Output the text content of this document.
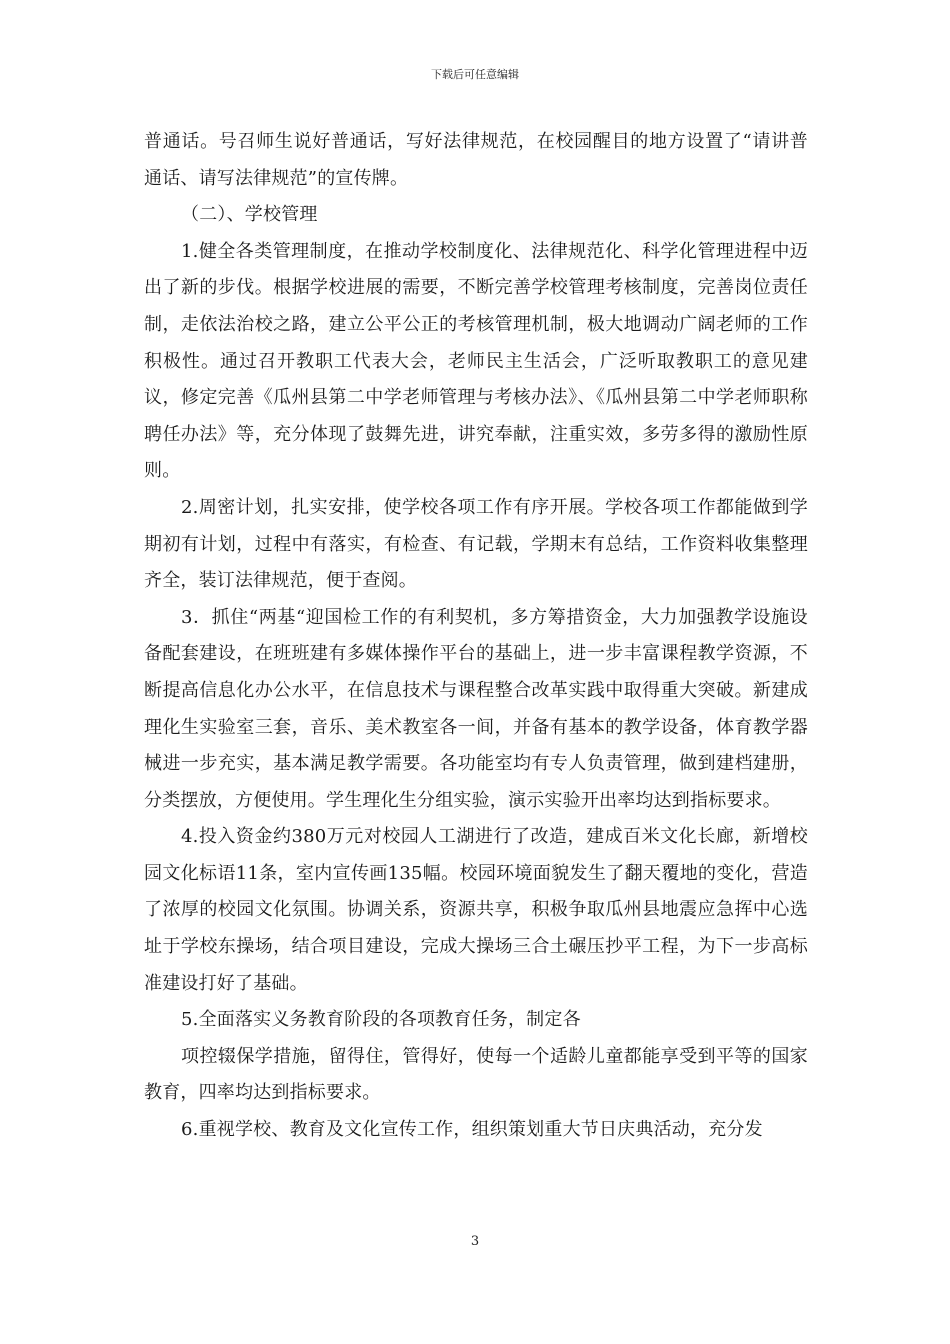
下载后可任意编辑

普通话。号召师生说好普通话，写好法律规范，在校园醒目的地方设置了“请讲普通话、请写法律规范”的宣传牌。

（二）、学校管理

1.健全各类管理制度，在推动学校制度化、法律规范化、科学化管理进程中迈出了新的步伐。根据学校进展的需要，不断完善学校管理考核制度，完善岗位责任制，走依法治校之路，建立公平公正的考核管理机制，极大地调动广阔老师的工作积极性。通过召开教职工代表大会，老师民主生活会，广泛听取教职工的意见建议，修定完善《瓜州县第二中学老师管理与考核办法》、《瓜州县第二中学老师职称聘任办法》等，充分体现了鼓舞先进，讲究奉献，注重实效，多劳多得的激励性原则。

2.周密计划，扎实安排，使学校各项工作有序开展。学校各项工作都能做到学期初有计划，过程中有落实，有检查、有记载，学期末有总结，工作资料收集整理齐全，装订法律规范，便于查阅。

3．抓住“两基“迎国检工作的有利契机，多方筹措资金，大力加强教学设施设备配套建设，在班班建有多媒体操作平台的基础上，进一步丰富课程教学资源，不断提高信息化办公水平，在信息技术与课程整合改革实践中取得重大突破。新建成理化生实验室三套，音乐、美术教室各一间，并备有基本的教学设备，体育教学器械进一步充实，基本满足教学需要。各功能室均有专人负责管理，做到建档建册，分类摆放，方便使用。学生理化生分组实验，演示实验开出率均达到指标要求。

4.投入资金约380万元对校园人工湖进行了改造，建成百米文化长廊，新增校园文化标语11条，室内宣传画135幅。校园环境面貌发生了翻天覆地的变化，营造了浓厚的校园文化氛围。协调关系，资源共享，积极争取瓜州县地震应急挥中心选址于学校东操场，结合项目建设，完成大操场三合土碾压抄平工程，为下一步高标准建设打好了基础。

5.全面落实义务教育阶段的各项教育任务，制定各

项控辍保学措施，留得住，管得好，使每一个适龄儿童都能享受到平等的国家教育，四率均达到指标要求。

6.重视学校、教育及文化宣传工作，组织策划重大节日庆典活动，充分发

3
